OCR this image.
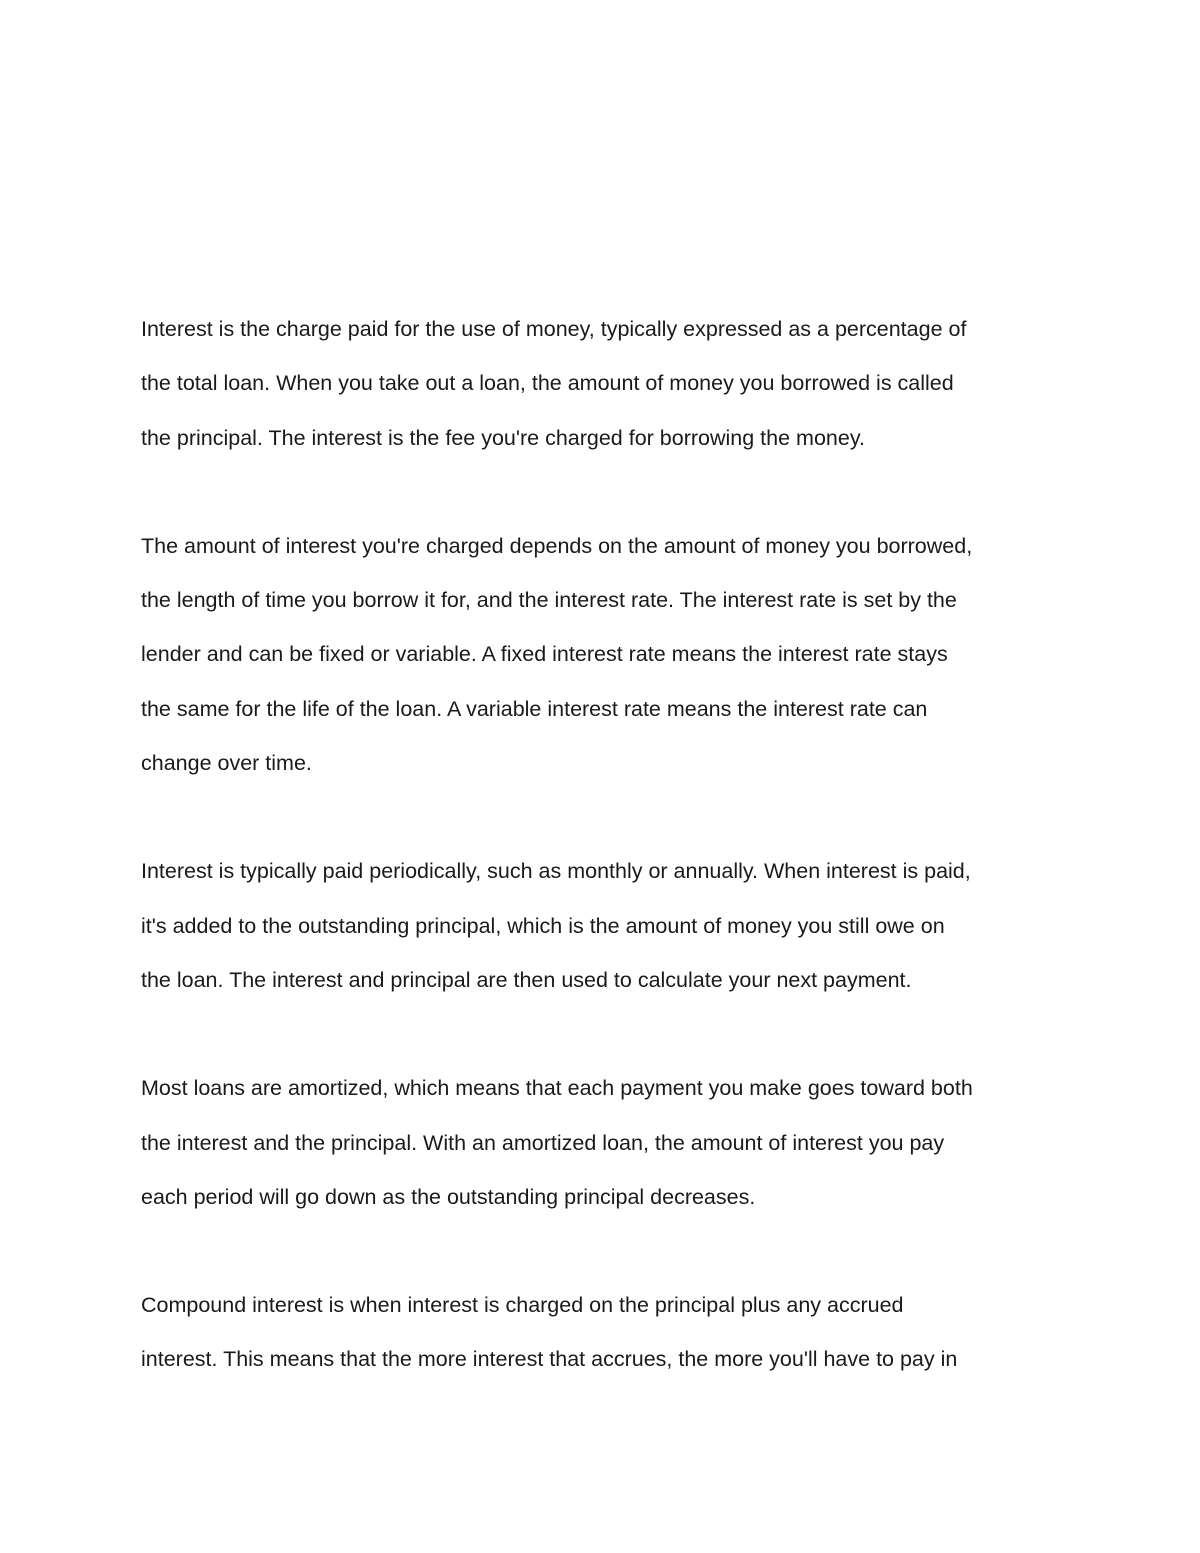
Interest is the charge paid for the use of money, typically expressed as a percentage of
the total loan. When you take out a loan, the amount of money you borrowed is called
the principal. The interest is the fee you're charged for borrowing the money.
The amount of interest you're charged depends on the amount of money you borrowed,
the length of time you borrow it for, and the interest rate. The interest rate is set by the
lender and can be fixed or variable. A fixed interest rate means the interest rate stays
the same for the life of the loan. A variable interest rate means the interest rate can
change over time.
Interest is typically paid periodically, such as monthly or annually. When interest is paid,
it's added to the outstanding principal, which is the amount of money you still owe on
the loan. The interest and principal are then used to calculate your next payment.
Most loans are amortized, which means that each payment you make goes toward both
the interest and the principal. With an amortized loan, the amount of interest you pay
each period will go down as the outstanding principal decreases.
Compound interest is when interest is charged on the principal plus any accrued
interest. This means that the more interest that accrues, the more you'll have to pay in
